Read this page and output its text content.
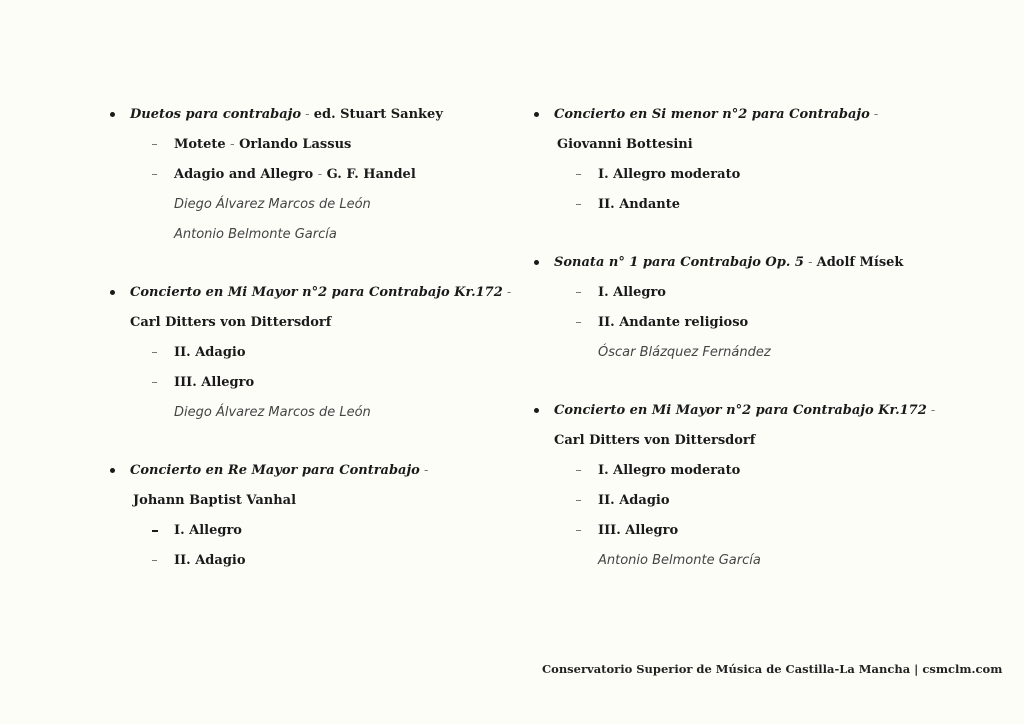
Duetos para contrabajo - ed. Stuart Sankey
Motete - Orlando Lassus
Adagio and Allegro - G. F. Handel
Diego Álvarez Marcos de León
Antonio Belmonte García
Concierto en Mi Mayor n°2 para Contrabajo Kr.172 -
Carl Ditters von Dittersdorf
II. Adagio
III. Allegro
Diego Álvarez Marcos de León
Concierto en Re Mayor para Contrabajo -
Johann Baptist Vanhal
I. Allegro
II. Adagio
Concierto en Si menor n°2 para Contrabajo -
Giovanni Bottesini
I. Allegro moderato
II. Andante
Sonata n° 1 para Contrabajo Op. 5 - Adolf Mísek
I. Allegro
II. Andante religioso
Óscar Blázquez Fernández
Concierto en Mi Mayor n°2 para Contrabajo Kr.172 -
Carl Ditters von Dittersdorf
I. Allegro moderato
II. Adagio
III. Allegro
Antonio Belmonte García
Conservatorio Superior de Música de Castilla-La Mancha | csmclm.com
